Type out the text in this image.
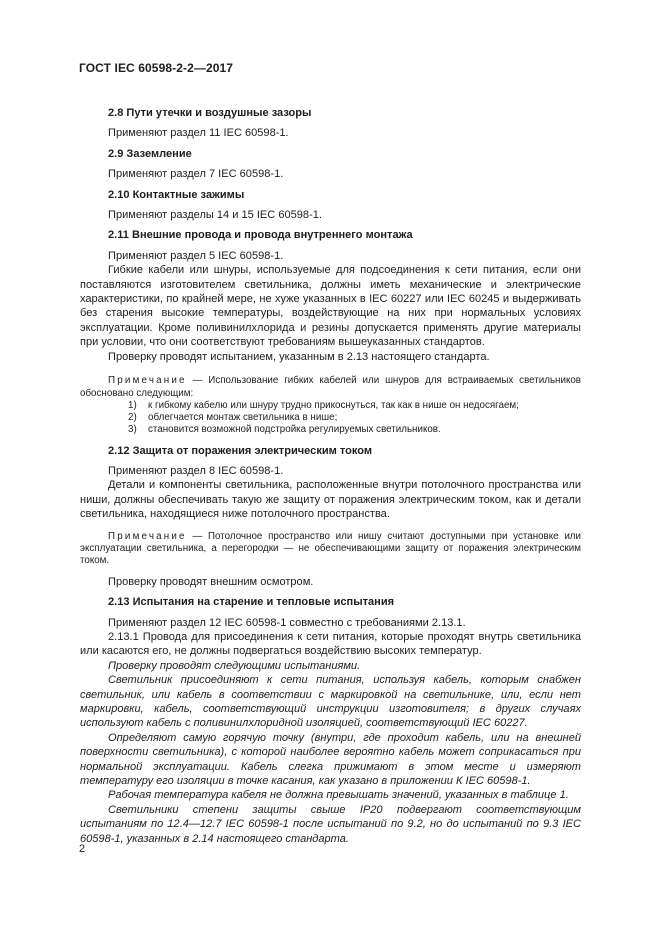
ГОСТ IEC 60598-2-2—2017

2.8 Пути утечки и воздушные зазоры

Применяют раздел 11 IEC 60598-1.

2.9 Заземление

Применяют раздел 7 IEC 60598-1.

2.10 Контактные зажимы

Применяют разделы 14 и 15 IEC 60598-1.

2.11 Внешние провода и провода внутреннего монтажа

Применяют раздел 5 IEC 60598-1.

Гибкие кабели или шнуры, используемые для подсоединения к сети питания, если они поставляются изготовителем светильника, должны иметь механические и электрические характеристики, по крайней мере, не хуже указанных в IEC 60227 или IEC 60245 и выдерживать без старения высокие температуры, воздействующие на них при нормальных условиях эксплуатации. Кроме поливинилхлорида и резины допускается применять другие материалы при условии, что они соответствуют требованиям вышеуказанных стандартов.

Проверку проводят испытанием, указанным в 2.13 настоящего стандарта.

Примечание — Использование гибких кабелей или шнуров для встраиваемых светильников обосновано следующим:

1) к гибкому кабелю или шнуру трудно прикоснуться, так как в нише он недосягаем;

2) облегчается монтаж светильника в нише;

3) становится возможной подстройка регулируемых светильников.

2.12 Защита от поражения электрическим током

Применяют раздел 8 IEC 60598-1.

Детали и компоненты светильника, расположенные внутри потолочного пространства или ниши, должны обеспечивать такую же защиту от поражения электрическим током, как и детали светильника, находящиеся ниже потолочного пространства.

Примечание — Потолочное пространство или нишу считают доступными при установке или эксплуатации светильника, а перегородки — не обеспечивающими защиту от поражения электрическим током.

Проверку проводят внешним осмотром.

2.13 Испытания на старение и тепловые испытания

Применяют раздел 12 IEC 60598-1 совместно с требованиями 2.13.1.

2.13.1 Провода для присоединения к сети питания, которые проходят внутрь светильника или касаются его, не должны подвергаться воздействию высоких температур.

Проверку проводят следующими испытаниями.

Светильник присоединяют к сети питания, используя кабель, которым снабжен светильник, или кабель в соответствии с маркировкой на светильнике, или, если нет маркировки, кабель, соответствующий инструкции изготовителя; в других случаях используют кабель с поливинилхлоридной изоляцией, соответствующий IEC 60227.

Определяют самую горячую точку (внутри, где проходит кабель, или на внешней поверхности светильника), с которой наиболее вероятно кабель может соприкасаться при нормальной эксплуатации. Кабель слегка прижимают в этом месте и измеряют температуру его изоляции в точке касания, как указано в приложении К IEC 60598-1.

Рабочая температура кабеля не должна превышать значений, указанных в таблице 1.

Светильники степени защиты свыше IP20 подвергают соответствующим испытаниям по 12.4—12.7 IEC 60598-1 после испытаний по 9.2, но до испытаний по 9.3 IEC 60598-1, указанных в 2.14 настоящего стандарта.

2
